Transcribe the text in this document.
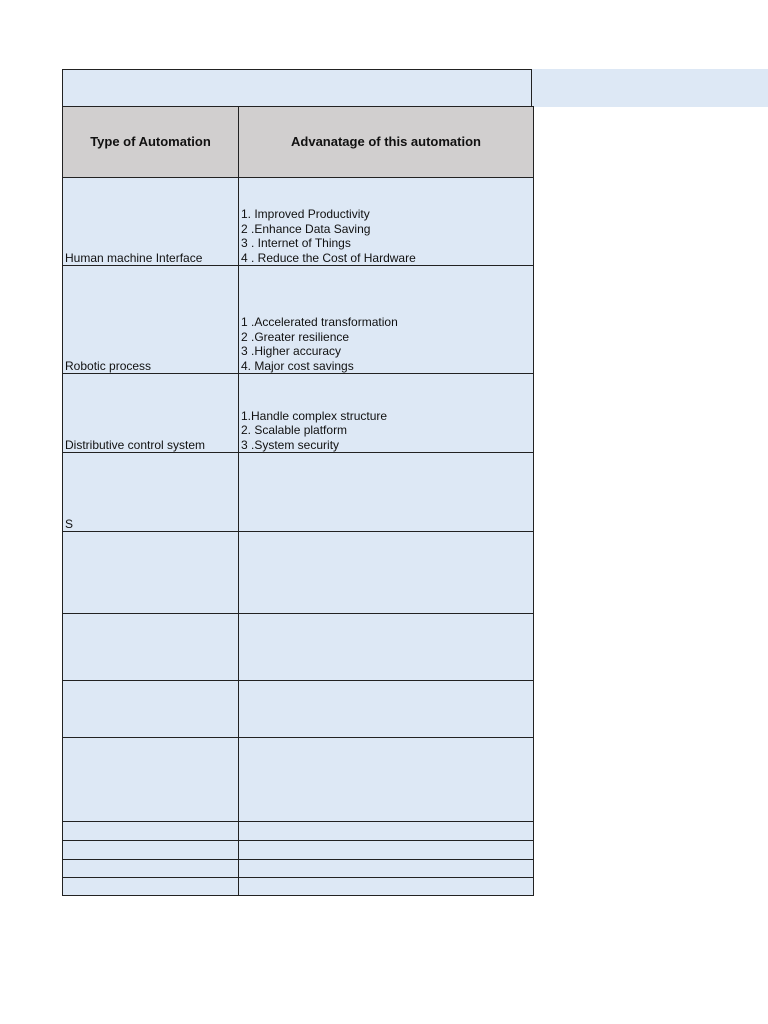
Type of Automation	Advanatage of this automation
Human machine Interface	1. Improved Productivity
2 .Enhance Data Saving
3 . Internet of Things
4 . Reduce the Cost of Hardware

Robotic process	1 .Accelerated transformation
2 .Greater resilience
3 .Higher accuracy
4. Major cost savings

Distributive control system	1.Handle complex structure
2. Scalable platform
3 .System security

S	
